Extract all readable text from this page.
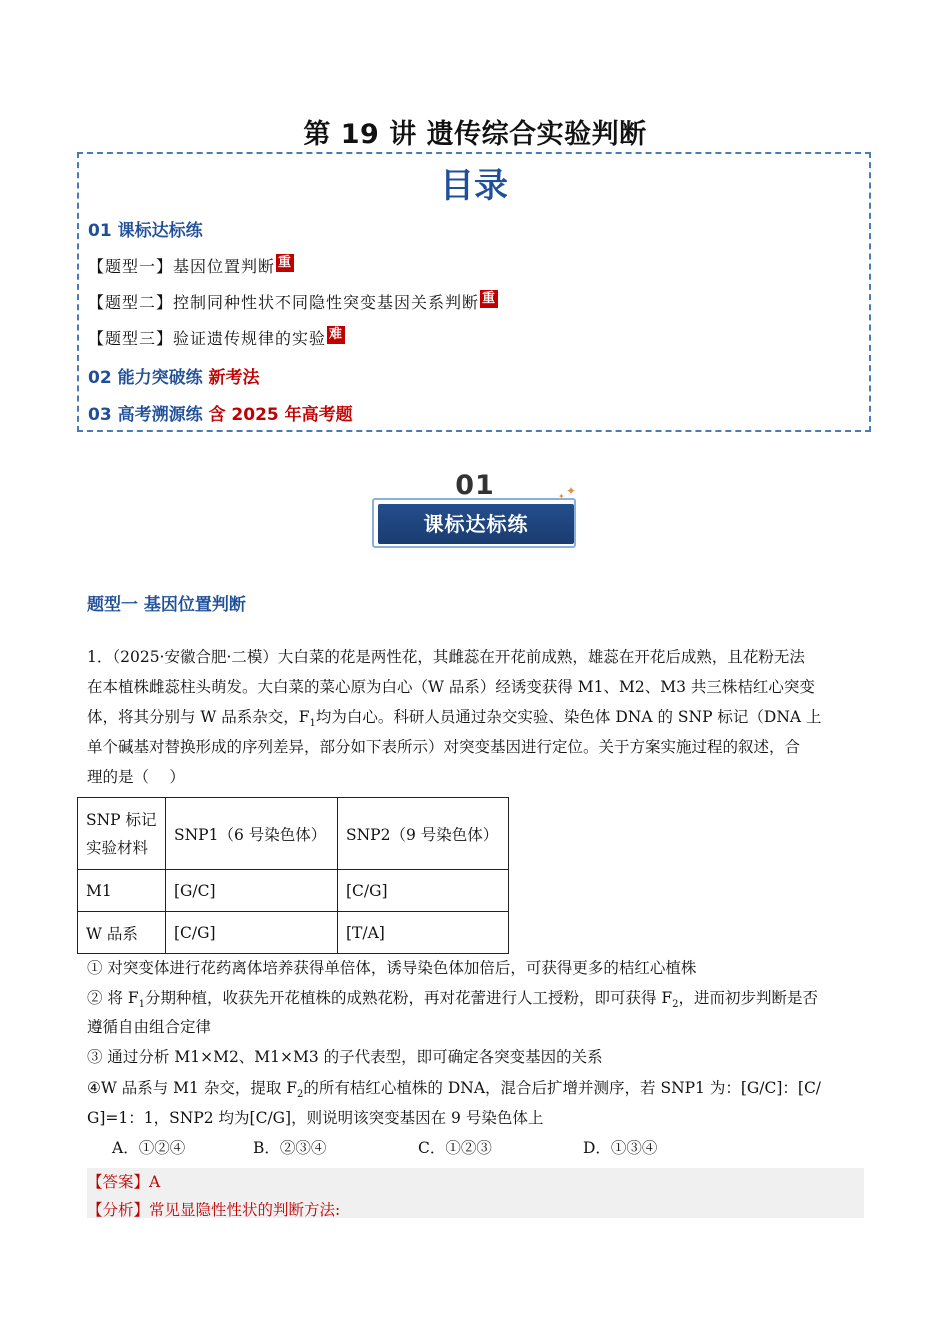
第 19 讲 遗传综合实验判断
目录
01 课标达标练
【题型一】基因位置判断 重
【题型二】控制同种性状不同隐性突变基因关系判断 重
【题型三】验证遗传规律的实验 难
02 能力突破练 新考法
03 高考溯源练 含 2025 年高考题
01
课标达标练
✦
✦
题型一 基因位置判断
1．（2025·安徽合肥·二模）大白菜的花是两性花，其雌蕊在开花前成熟，雄蕊在开花后成熟，且花粉无法
在本植株雌蕊柱头萌发。大白菜的菜心原为白心（W 品系）经诱变获得 M1、M2、M3 共三株桔红心突变
体，将其分别与 W 品系杂交，$F_1$均为白心。科研人员通过杂交实验、染色体 DNA 的 SNP 标记（DNA 上
单个碱基对替换形成的序列差异，部分如下表所示）对突变基因进行定位。关于方案实施过程的叙述，合
理的是（　 ）
SNP 标记
实验材料	SNP1（6 号染色体）	SNP2（9 号染色体）
M1	[G/C]	[C/G]
W 品系	[C/G]	[T/A]
① 对突变体进行花药离体培养获得单倍体，诱导染色体加倍后，可获得更多的桔红心植株
② 将 $F_1$分期种植，收获先开花植株的成熟花粉，再对花蕾进行人工授粉，即可获得 $F_2$，进而初步判断是否
遵循自由组合定律
③ 通过分析 M1×M2、M1×M3 的子代表型，即可确定各突变基因的关系
④W 品系与 M1 杂交，提取 $F_2$的所有桔红心植株的 DNA，混合后扩增并测序，若 SNP1 为：[G/C]：[C/
G]=1：1，SNP2 均为[C/G]，则说明该突变基因在 9 号染色体上
A．①②④	B．②③④	C．①②③	D．①③④
【答案】A
【分析】常见显隐性性状的判断方法:
